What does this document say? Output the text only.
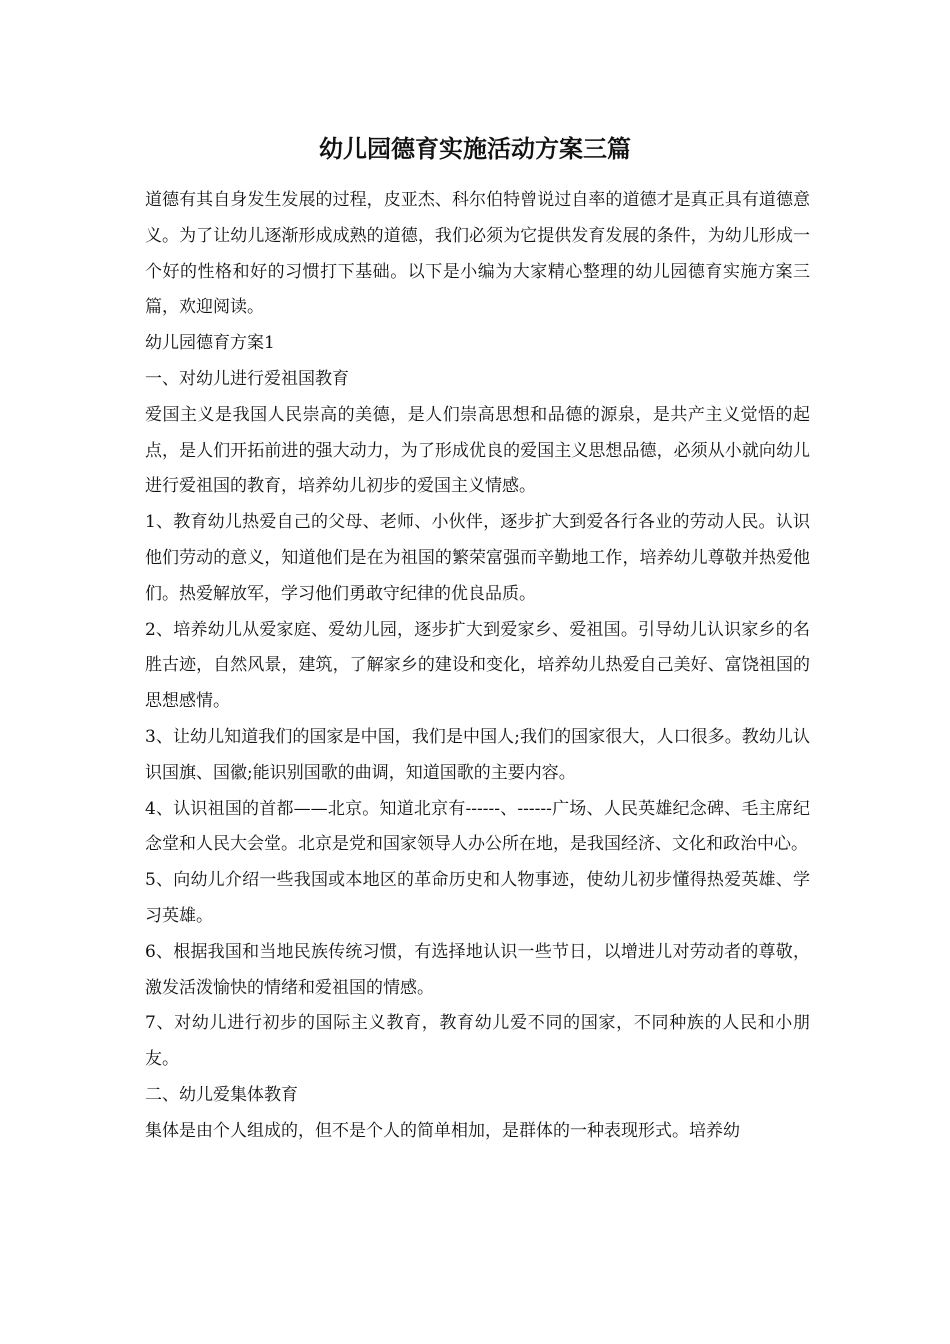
幼儿园德育实施活动方案三篇

道德有其自身发生发展的过程，皮亚杰、科尔伯特曾说过自率的道德才是真正具有道德意义。为了让幼儿逐渐形成成熟的道德，我们必须为它提供发育发展的条件，为幼儿形成一个好的性格和好的习惯打下基础。以下是小编为大家精心整理的幼儿园德育实施方案三篇，欢迎阅读。

幼儿园德育方案1

一、对幼儿进行爱祖国教育

爱国主义是我国人民崇高的美德，是人们崇高思想和品德的源泉，是共产主义觉悟的起点，是人们开拓前进的强大动力，为了形成优良的爱国主义思想品德，必须从小就向幼儿进行爱祖国的教育，培养幼儿初步的爱国主义情感。

1、教育幼儿热爱自己的父母、老师、小伙伴，逐步扩大到爱各行各业的劳动人民。认识他们劳动的意义，知道他们是在为祖国的繁荣富强而辛勤地工作，培养幼儿尊敬并热爱他们。热爱解放军，学习他们勇敢守纪律的优良品质。

2、培养幼儿从爱家庭、爱幼儿园，逐步扩大到爱家乡、爱祖国。引导幼儿认识家乡的名胜古迹，自然风景，建筑，了解家乡的建设和变化，培养幼儿热爱自己美好、富饶祖国的思想感情。

3、让幼儿知道我们的国家是中国，我们是中国人;我们的国家很大，人口很多。教幼儿认识国旗、国徽;能识别国歌的曲调，知道国歌的主要内容。

4、认识祖国的首都——北京。知道北京有------、------广场、人民英雄纪念碑、毛主席纪念堂和人民大会堂。北京是党和国家领导人办公所在地，是我国经济、文化和政治中心。

5、向幼儿介绍一些我国或本地区的革命历史和人物事迹，使幼儿初步懂得热爱英雄、学习英雄。

6、根据我国和当地民族传统习惯，有选择地认识一些节日，以增进儿对劳动者的尊敬，激发活泼愉快的情绪和爱祖国的情感。

7、对幼儿进行初步的国际主义教育，教育幼儿爱不同的国家，不同种族的人民和小朋友。

二、幼儿爱集体教育

集体是由个人组成的，但不是个人的简单相加，是群体的一种表现形式。培养幼
